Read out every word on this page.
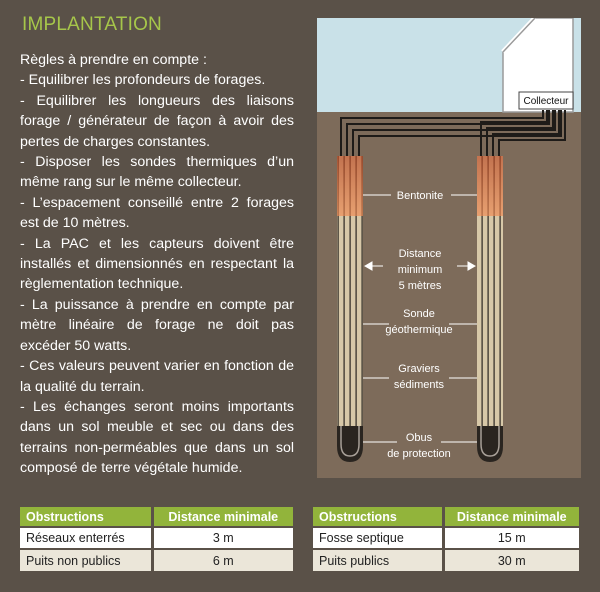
IMPLANTATION

Règles à prendre en compte :

- Equilibrer les profondeurs de forages.

- Equilibrer les longueurs des liaisons forage / générateur de façon à avoir des pertes de charges constantes.

- Disposer les sondes thermiques d’un même rang sur le même collecteur.

- L’espacement conseillé entre 2 forages est de 10 mètres.

- La PAC et les capteurs doivent être installés et dimensionnés en respectant la règlementation technique.

- La puissance à prendre en compte par mètre linéaire de forage ne doit pas excéder 50 watts.

- Ces valeurs peuvent varier en fonction de la qualité du terrain.

- Les échanges seront moins importants dans un sol meuble et sec ou dans des terrains non-perméables que dans un sol composé de terre végétale humide.

Collecteur
Bentonite
Distance
minimum
5 mètres
Sonde
géothermique
Graviers
sédiments
Obus
de protection
Obstructions	Distance minimale
Réseaux enterrés	3 m
Puits non publics	6 m
Obstructions	Distance minimale
Fosse septique	15 m
Puits publics	30 m
